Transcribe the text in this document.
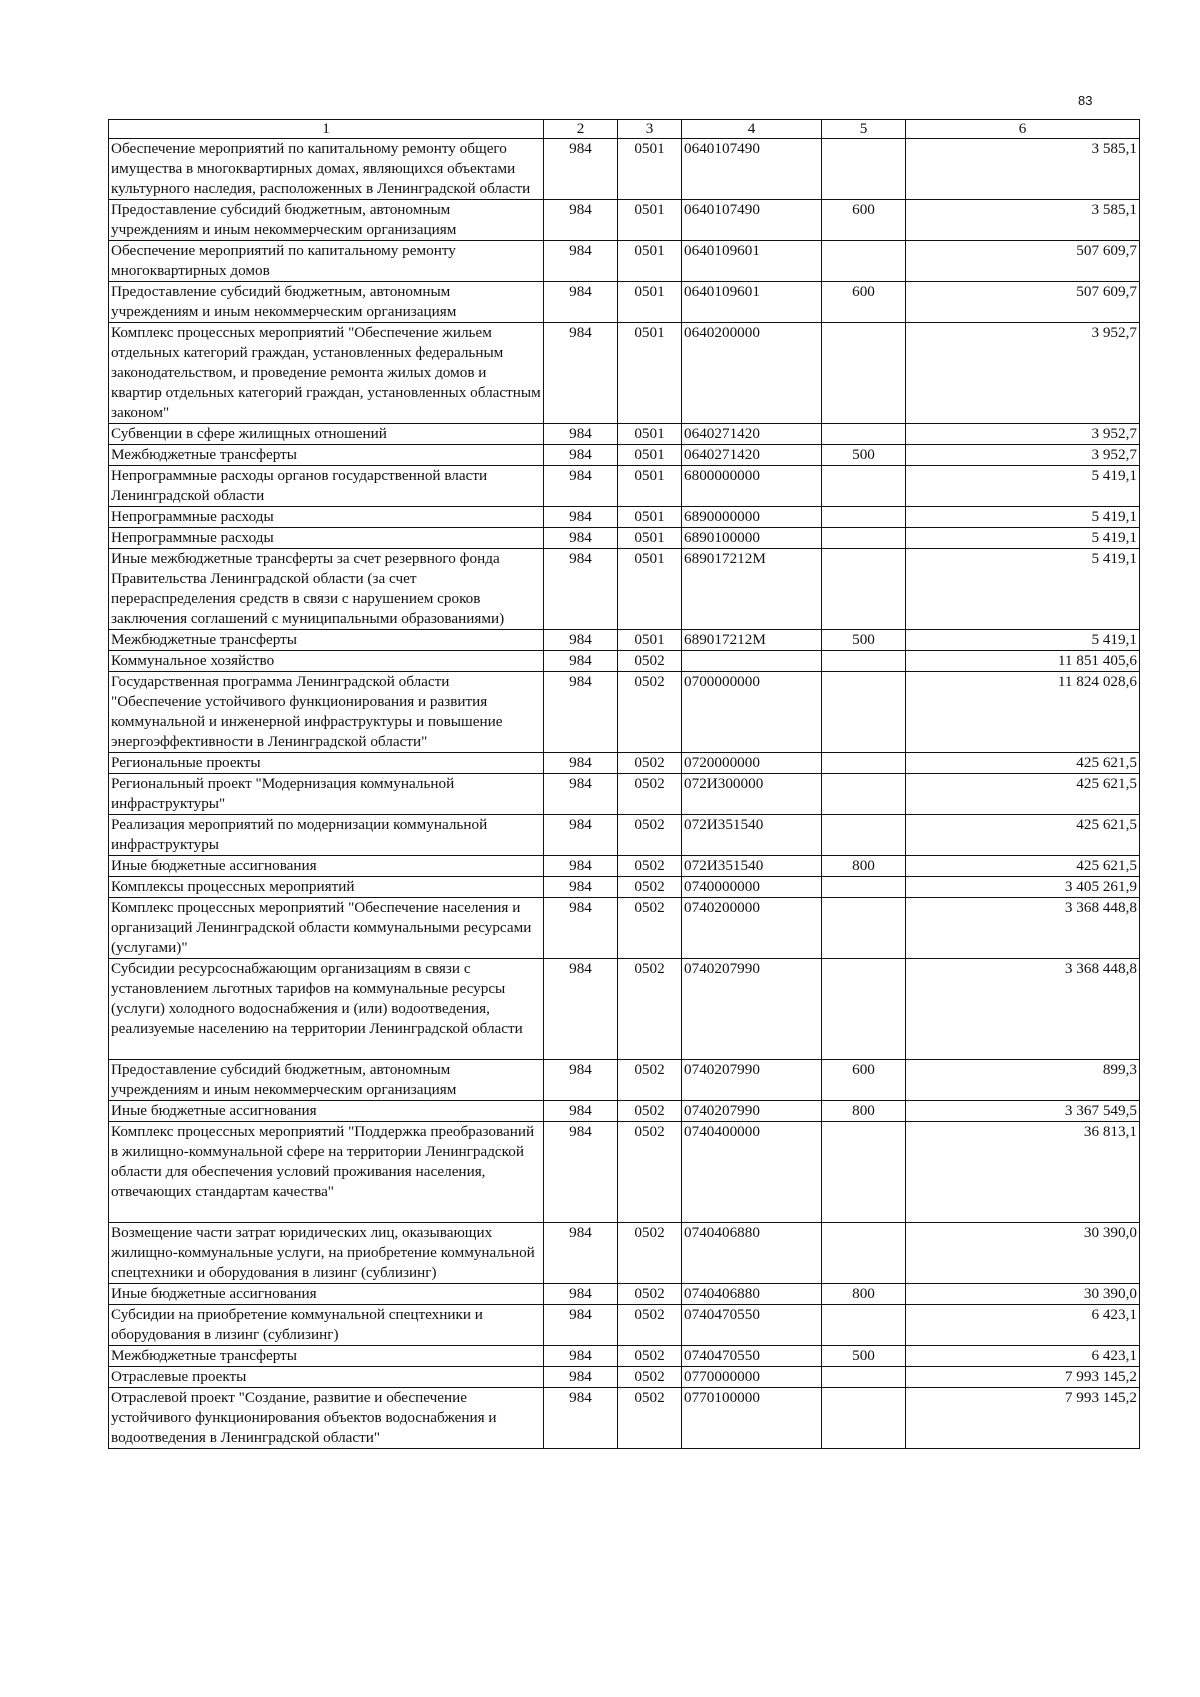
83
1	2	3	4	5	6
Обеспечение мероприятий по капитальному ремонту общего имущества в многоквартирных домах, являющихся объектами культурного наследия, расположенных в Ленинградской области	984	0501	0640107490		3 585,1
Предоставление субсидий бюджетным, автономным учреждениям и иным некоммерческим организациям	984	0501	0640107490	600	3 585,1
Обеспечение мероприятий по капитальному ремонту многоквартирных домов	984	0501	0640109601		507 609,7
Предоставление субсидий бюджетным, автономным учреждениям и иным некоммерческим организациям	984	0501	0640109601	600	507 609,7
Комплекс процессных мероприятий "Обеспечение жильем отдельных категорий граждан, установленных федеральным законодательством, и проведение ремонта жилых домов и квартир отдельных категорий граждан, установленных областным законом"	984	0501	0640200000		3 952,7
Субвенции в сфере жилищных отношений	984	0501	0640271420		3 952,7
Межбюджетные трансферты	984	0501	0640271420	500	3 952,7
Непрограммные расходы органов государственной власти Ленинградской области	984	0501	6800000000		5 419,1
Непрограммные расходы	984	0501	6890000000		5 419,1
Непрограммные расходы	984	0501	6890100000		5 419,1
Иные межбюджетные трансферты за счет резервного фонда Правительства Ленинградской области (за счет перераспределения средств в связи с нарушением сроков заключения соглашений с муниципальными образованиями)	984	0501	689017212М		5 419,1
Межбюджетные трансферты	984	0501	689017212М	500	5 419,1
Коммунальное хозяйство	984	0502			11 851 405,6
Государственная программа Ленинградской области "Обеспечение устойчивого функционирования и развития коммунальной и инженерной инфраструктуры и повышение энергоэффективности в Ленинградской области"	984	0502	0700000000		11 824 028,6
Региональные проекты	984	0502	0720000000		425 621,5
Региональный проект "Модернизация коммунальной инфраструктуры"	984	0502	072И300000		425 621,5
Реализация мероприятий по модернизации коммунальной инфраструктуры	984	0502	072И351540		425 621,5
Иные бюджетные ассигнования	984	0502	072И351540	800	425 621,5
Комплексы процессных мероприятий	984	0502	0740000000		3 405 261,9
Комплекс процессных мероприятий "Обеспечение населения и организаций Ленинградской области коммунальными ресурсами (услугами)"	984	0502	0740200000		3 368 448,8
Субсидии ресурсоснабжающим организациям в связи с установлением льготных тарифов на коммунальные ресурсы (услуги) холодного водоснабжения и (или) водоотведения, реализуемые населению на территории Ленинградской области	984	0502	0740207990		3 368 448,8
Предоставление субсидий бюджетным, автономным учреждениям и иным некоммерческим организациям	984	0502	0740207990	600	899,3
Иные бюджетные ассигнования	984	0502	0740207990	800	3 367 549,5
Комплекс процессных мероприятий "Поддержка преобразований в жилищно-коммунальной сфере на территории Ленинградской области для обеспечения условий проживания населения, отвечающих стандартам качества"	984	0502	0740400000		36 813,1
Возмещение части затрат юридических лиц, оказывающих жилищно-коммунальные услуги, на приобретение коммунальной спецтехники и оборудования в лизинг (сублизинг)	984	0502	0740406880		30 390,0
Иные бюджетные ассигнования	984	0502	0740406880	800	30 390,0
Субсидии на приобретение коммунальной спецтехники и оборудования в лизинг (сублизинг)	984	0502	0740470550		6 423,1
Межбюджетные трансферты	984	0502	0740470550	500	6 423,1
Отраслевые проекты	984	0502	0770000000		7 993 145,2
Отраслевой проект "Создание, развитие и обеспечение устойчивого функционирования объектов водоснабжения и водоотведения в Ленинградской области"	984	0502	0770100000		7 993 145,2
